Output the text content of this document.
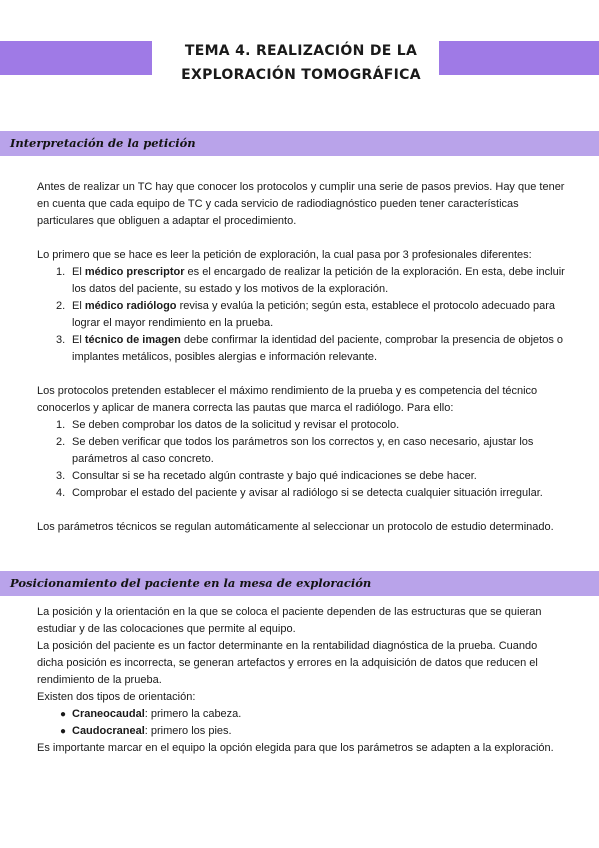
TEMA 4. REALIZACIÓN DE LA
EXPLORACIÓN TOMOGRÁFICA
Interpretación de la petición

Antes de realizar un TC hay que conocer los protocolos y cumplir una serie de pasos previos. Hay que tener en cuenta que cada equipo de TC y cada servicio de radiodiagnóstico pueden tener características particulares que obliguen a adaptar el procedimiento.

Lo primero que se hace es leer la petición de exploración, la cual pasa por 3 profesionales diferentes:

1. El médico prescriptor es el encargado de realizar la petición de la exploración. En esta, debe incluir los datos del paciente, su estado y los motivos de la exploración.
2. El médico radiólogo revisa y evalúa la petición; según esta, establece el protocolo adecuado para lograr el mayor rendimiento en la prueba.
3. El técnico de imagen debe confirmar la identidad del paciente, comprobar la presencia de objetos o implantes metálicos, posibles alergias e información relevante.

Los protocolos pretenden establecer el máximo rendimiento de la prueba y es competencia del técnico conocerlos y aplicar de manera correcta las pautas que marca el radiólogo. Para ello:

1. Se deben comprobar los datos de la solicitud y revisar el protocolo.
2. Se deben verificar que todos los parámetros son los correctos y, en caso necesario, ajustar los parámetros al caso concreto.
3. Consultar si se ha recetado algún contraste y bajo qué indicaciones se debe hacer.
4. Comprobar el estado del paciente y avisar al radiólogo si se detecta cualquier situación irregular.

Los parámetros técnicos se regulan automáticamente al seleccionar un protocolo de estudio determinado.

Posicionamiento del paciente en la mesa de exploración
La posición y la orientación en la que se coloca el paciente dependen de las estructuras que se quieran estudiar y de las colocaciones que permite al equipo.
La posición del paciente es un factor determinante en la rentabilidad diagnóstica de la prueba. Cuando dicha posición es incorrecta, se generan artefactos y errores en la adquisición de datos que reducen el rendimiento de la prueba.
Existen dos tipos de orientación:
● Craneocaudal: primero la cabeza.
● Caudocraneal: primero los pies.

Es importante marcar en el equipo la opción elegida para que los parámetros se adapten a la exploración.
